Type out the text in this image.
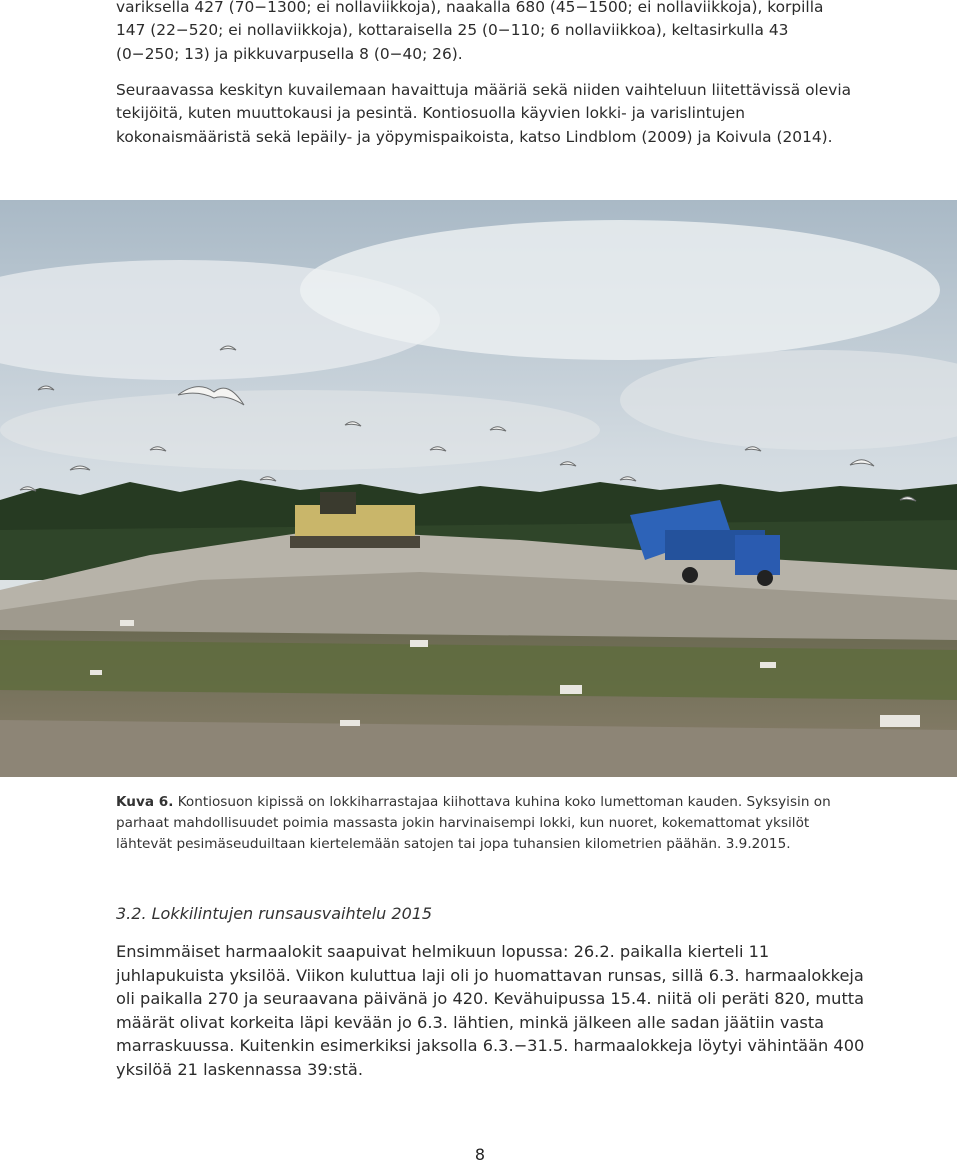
variksella 427 (70−1300; ei nollaviikkoja), naakalla 680 (45−1500; ei nollaviikkoja), korpilla 147 (22−520; ei nollaviikkoja), kottaraisella 25 (0−110; 6 nollaviikkoa), keltasirkulla 43 (0−250; 13) ja pikkuvarpusella 8 (0−40; 26).

Seuraavassa keskityn kuvailemaan havaittuja määriä sekä niiden vaihteluun liitettävissä olevia tekijöitä, kuten muuttokausi ja pesintä. Kontiosuolla käyvien lokki- ja varislintujen kokonaismääristä sekä lepäily- ja yöpymispaikoista, katso Lindblom (2009) ja Koivula (2014).

Kuva 6. Kontiosuon kipissä on lokkiharrastajaa kiihottava kuhina koko lumettoman kauden. Syksyisin on parhaat mahdollisuudet poimia massasta jokin harvinaisempi lokki, kun nuoret, kokemattomat yksilöt lähtevät pesimäseuduiltaan kiertelemään satojen tai jopa tuhansien kilometrien päähän. 3.9.2015.

3.2. Lokkilintujen runsausvaihtelu 2015

Ensimmäiset harmaalokit saapuivat helmikuun lopussa: 26.2. paikalla kierteli 11 juhlapukuista yksilöä. Viikon kuluttua laji oli jo huomattavan runsas, sillä 6.3. harmaalokkeja oli paikalla 270 ja seuraavana päivänä jo 420. Kevähuipussa 15.4. niitä oli peräti 820, mutta määrät olivat korkeita läpi kevään jo 6.3. lähtien, minkä jälkeen alle sadan jäätiin vasta marraskuussa. Kuitenkin esimerkiksi jaksolla 6.3.−31.5. harmaalokkeja löytyi vähintään 400 yksilöä 21 laskennassa 39:stä.

8
